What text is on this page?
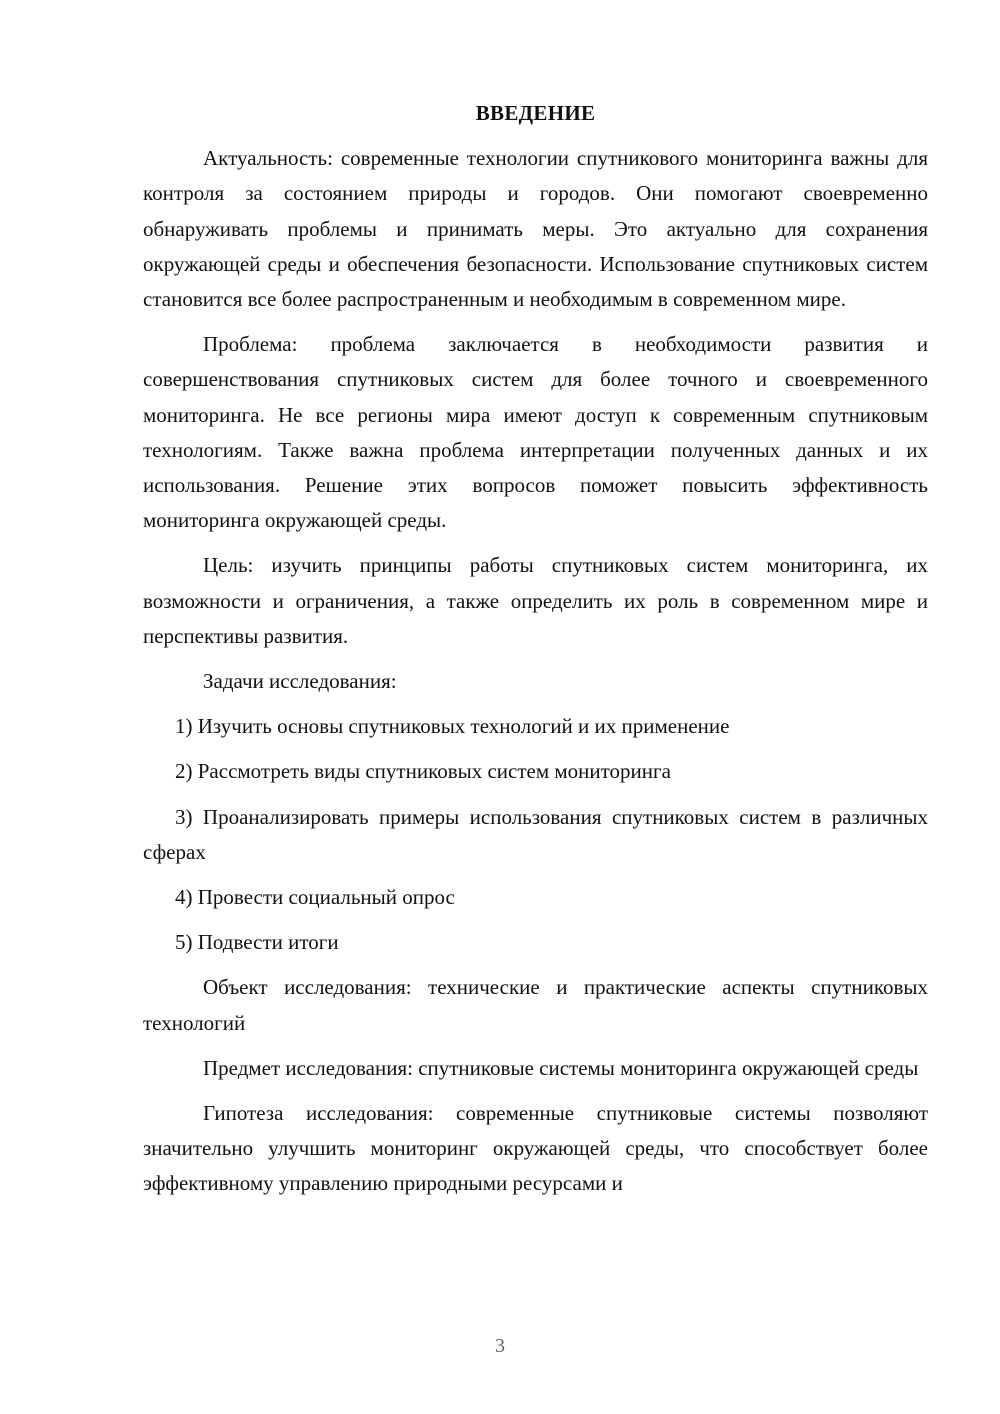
ВВЕДЕНИЕ

Актуальность: современные технологии спутникового мониторинга важны для контроля за состоянием природы и городов. Они помогают своевременно обнаруживать проблемы и принимать меры. Это актуально для сохранения окружающей среды и обеспечения безопасности. Использование спутниковых систем становится все более распространенным и необходимым в современном мире.

Проблема: проблема заключается в необходимости развития и совершенствования спутниковых систем для более точного и своевременного мониторинга. Не все регионы мира имеют доступ к современным спутниковым технологиям. Также важна проблема интерпретации полученных данных и их использования. Решение этих вопросов поможет повысить эффективность мониторинга окружающей среды.

Цель: изучить принципы работы спутниковых систем мониторинга, их возможности и ограничения, а также определить их роль в современном мире и перспективы развития.

Задачи исследования:

1) Изучить основы спутниковых технологий и их применение

2) Рассмотреть виды спутниковых систем мониторинга

3) Проанализировать примеры использования спутниковых систем в различных сферах

4) Провести социальный опрос

5) Подвести итоги

Объект исследования: технические и практические аспекты спутниковых технологий

Предмет исследования: спутниковые системы мониторинга окружающей среды

Гипотеза исследования: современные спутниковые системы позволяют значительно улучшить мониторинг окружающей среды, что способствует более эффективному управлению природными ресурсами и

3
